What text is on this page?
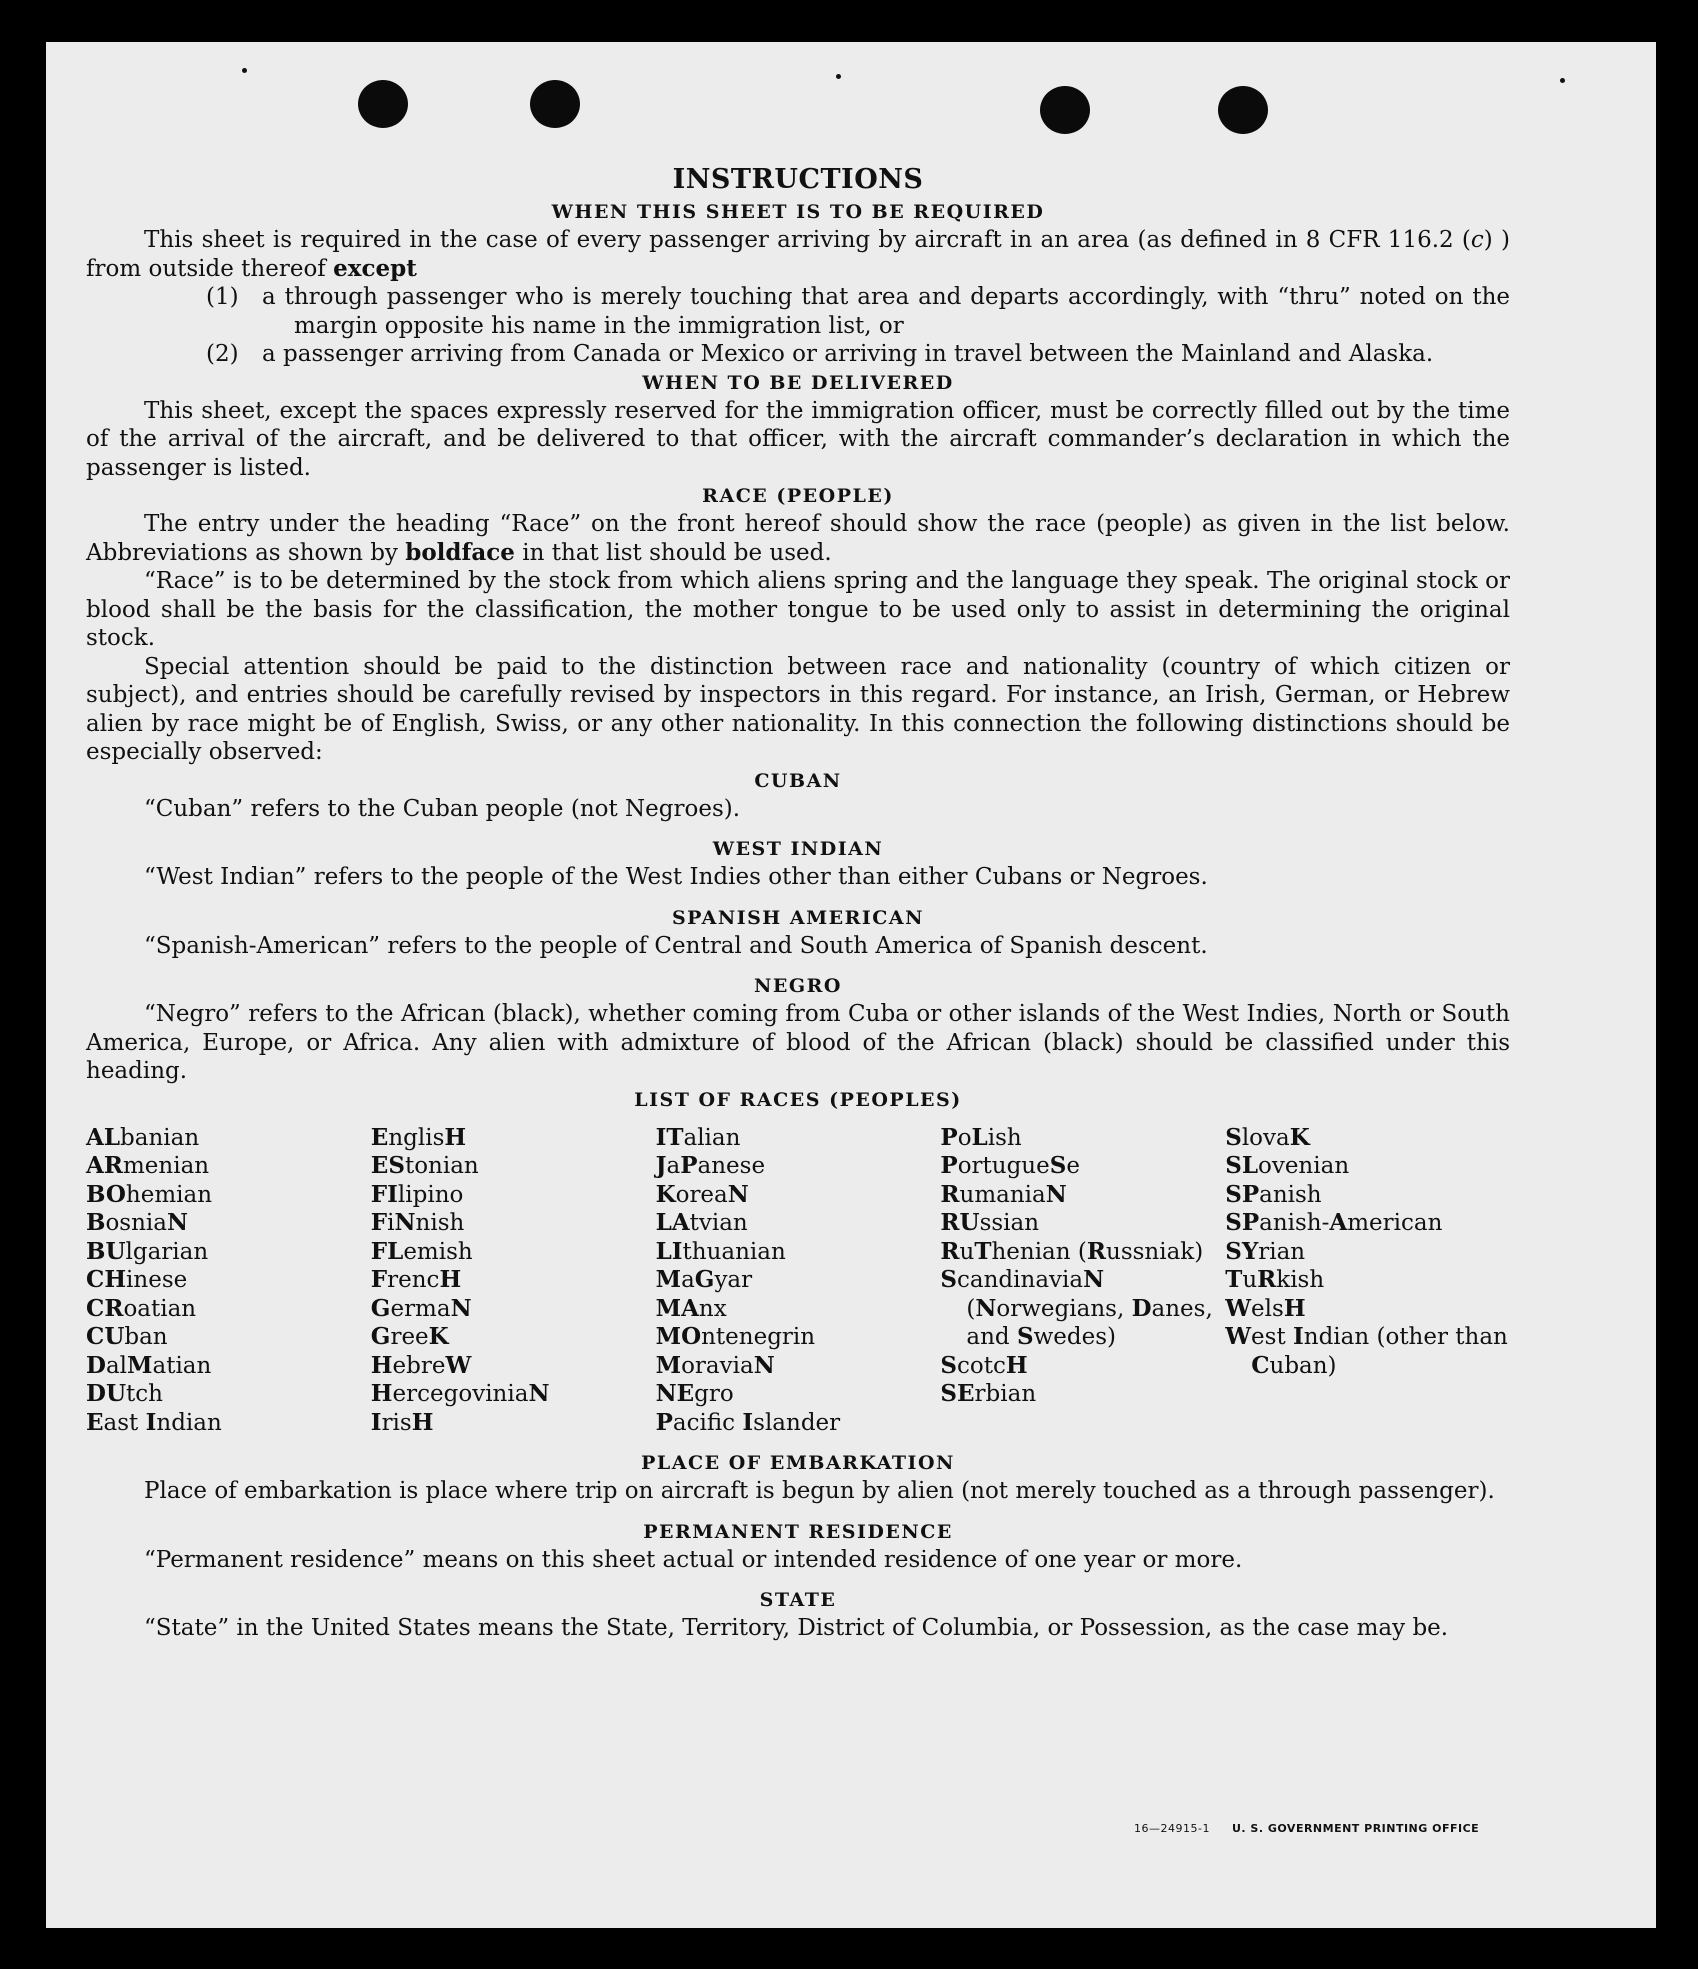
INSTRUCTIONS
WHEN THIS SHEET IS TO BE REQUIRED

This sheet is required in the case of every passenger arriving by aircraft in an area (as defined in 8 CFR 116.2 (c) ) from outside thereof except

(1) a through passenger who is merely touching that area and departs accordingly, with “thru” noted on the margin opposite his name in the immigration list, or

(2) a passenger arriving from Canada or Mexico or arriving in travel between the Mainland and Alaska.

WHEN TO BE DELIVERED

This sheet, except the spaces expressly reserved for the immigration officer, must be correctly filled out by the time of the arrival of the aircraft, and be delivered to that officer, with the aircraft commander’s declaration in which the passenger is listed.

RACE (PEOPLE)

The entry under the heading “Race” on the front hereof should show the race (people) as given in the list below. Abbreviations as shown by boldface in that list should be used.

“Race” is to be determined by the stock from which aliens spring and the language they speak. The original stock or blood shall be the basis for the classification, the mother tongue to be used only to assist in determining the original stock.

Special attention should be paid to the distinction between race and nationality (country of which citizen or subject), and entries should be carefully revised by inspectors in this regard. For instance, an Irish, German, or Hebrew alien by race might be of English, Swiss, or any other nationality. In this connection the following distinctions should be especially observed:

CUBAN

“Cuban” refers to the Cuban people (not Negroes).

WEST INDIAN

“West Indian” refers to the people of the West Indies other than either Cubans or Negroes.

SPANISH AMERICAN

“Spanish-American” refers to the people of Central and South America of Spanish descent.

NEGRO

“Negro” refers to the African (black), whether coming from Cuba or other islands of the West Indies, North or South America, Europe, or Africa. Any alien with admixture of blood of the African (black) should be classified under this heading.

LIST OF RACES (PEOPLES)
ALbanian
ARmenian
BOhemian
BosniaN
BUlgarian
CHinese
CRoatian
CUban
DalMatian
DUtch
East Indian
EnglisH
EStonian
FIlipino
FiNnish
FLemish
FrencH
GermaN
GreeK
HebreW
HercegoviniaN
IrisH
ITalian
JaPanese
KoreaN
LAtvian
LIthuanian
MaGyar
MAnx
MOntenegrin
MoraviaN
NEgro
Pacific Islander
PoLish
PortugueSe
RumaniaN
RUssian
RuThenian (Russniak)
ScandinaviaN (Norwegians, Danes, and Swedes)
ScotcH
SErbian
SlovaK
SLovenian
SPanish
SPanish-American
SYrian
TuRkish
WelsH
West Indian (other than Cuban)
PLACE OF EMBARKATION

Place of embarkation is place where trip on aircraft is begun by alien (not merely touched as a through passenger).

PERMANENT RESIDENCE

“Permanent residence” means on this sheet actual or intended residence of one year or more.

STATE

“State” in the United States means the State, Territory, District of Columbia, or Possession, as the case may be.

16—24915-1 U. S. GOVERNMENT PRINTING OFFICE
